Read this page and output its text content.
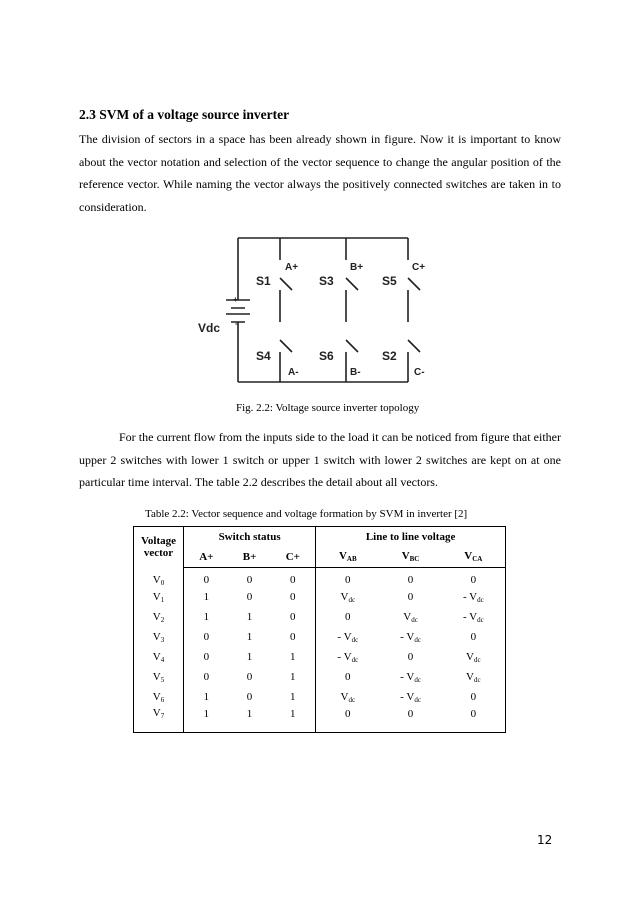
2.3 SVM of a voltage source inverter

The division of sectors in a space has been already shown in figure. Now it is important to know about the vector notation and selection of the vector sequence to change the angular position of the reference vector. While naming the vector always the positively connected switches are taken in to consideration.

Vdc
+
-
S1	S3	S5
S4	S6	S2
A+	B+	C+
A-	B-	C-
Fig. 2.2: Voltage source inverter topology

For the current flow from the inputs side to the load it can be noticed from figure that either upper 2 switches with lower 1 switch or upper 1 switch with lower 2 switches are kept on at one particular time interval. The table 2.2 describes the detail about all vectors.

Table 2.2: Vector sequence and voltage formation by SVM in inverter [2]
Voltage
vector	Switch status			Line to line voltage		
	A+	B+	C+	$V_{AB}$	$V_{BC}$	$V_{CA}$
$V_0$	0	0	0	0	0	0
$V_1$	1	0	0	$V_{dc}$	0	- $V_{dc}$
$V_2$	1	1	0	0	$V_{dc}$	- $V_{dc}$
$V_3$	0	1	0	- $V_{dc}$	- $V_{dc}$	0
$V_4$	0	1	1	- $V_{dc}$	0	$V_{dc}$
$V_5$	0	0	1	0	- $V_{dc}$	$V_{dc}$
$V_6$	1	0	1	$V_{dc}$	- $V_{dc}$	0
$V_7$	1	1	1	0	0	0
12
